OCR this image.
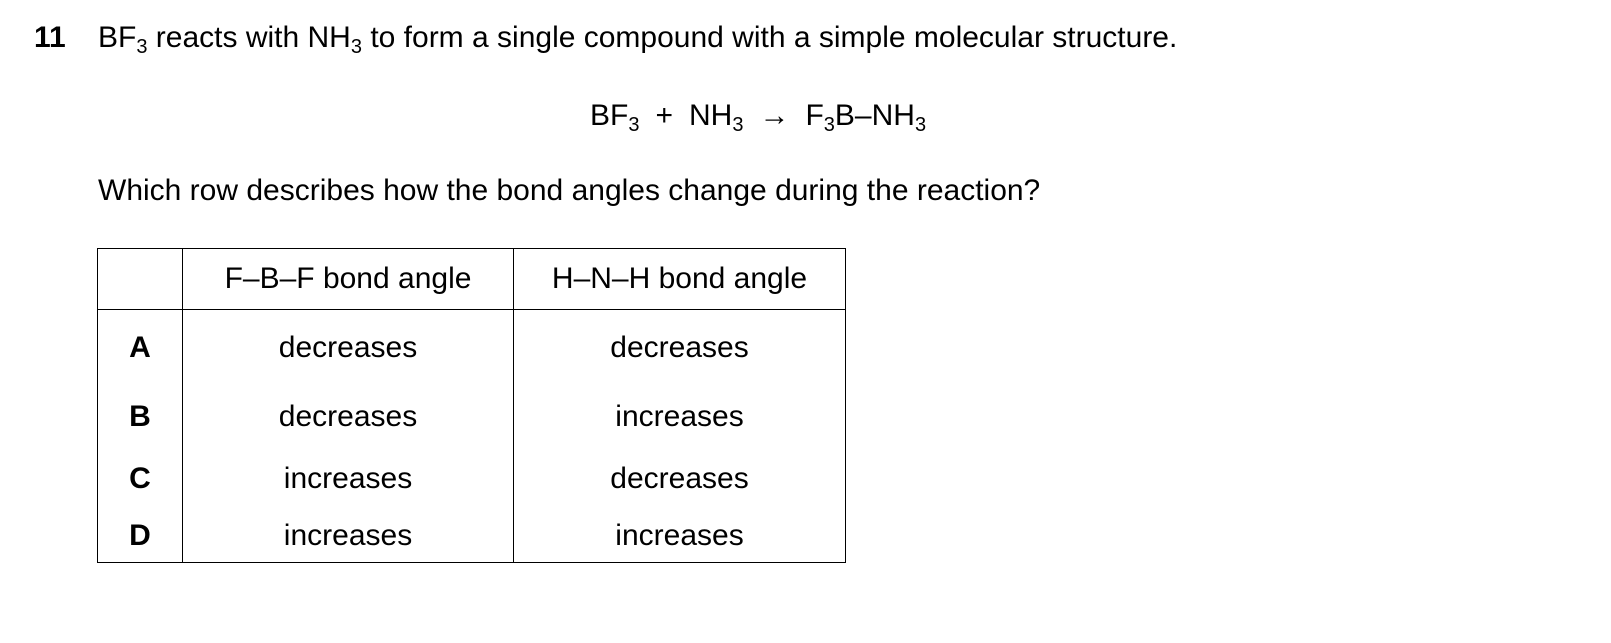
11 $BF_3$ reacts with $NH_3$ to form a single compound with a simple molecular structure.
$BF_3 + NH_3 \to F_3B-NH_3$
Which row describes how the bond angles change during the reaction?
	F–B–F bond angle	H–N–H bond angle
A	decreases	decreases
B	decreases	increases
C	increases	decreases
D	increases	increases
